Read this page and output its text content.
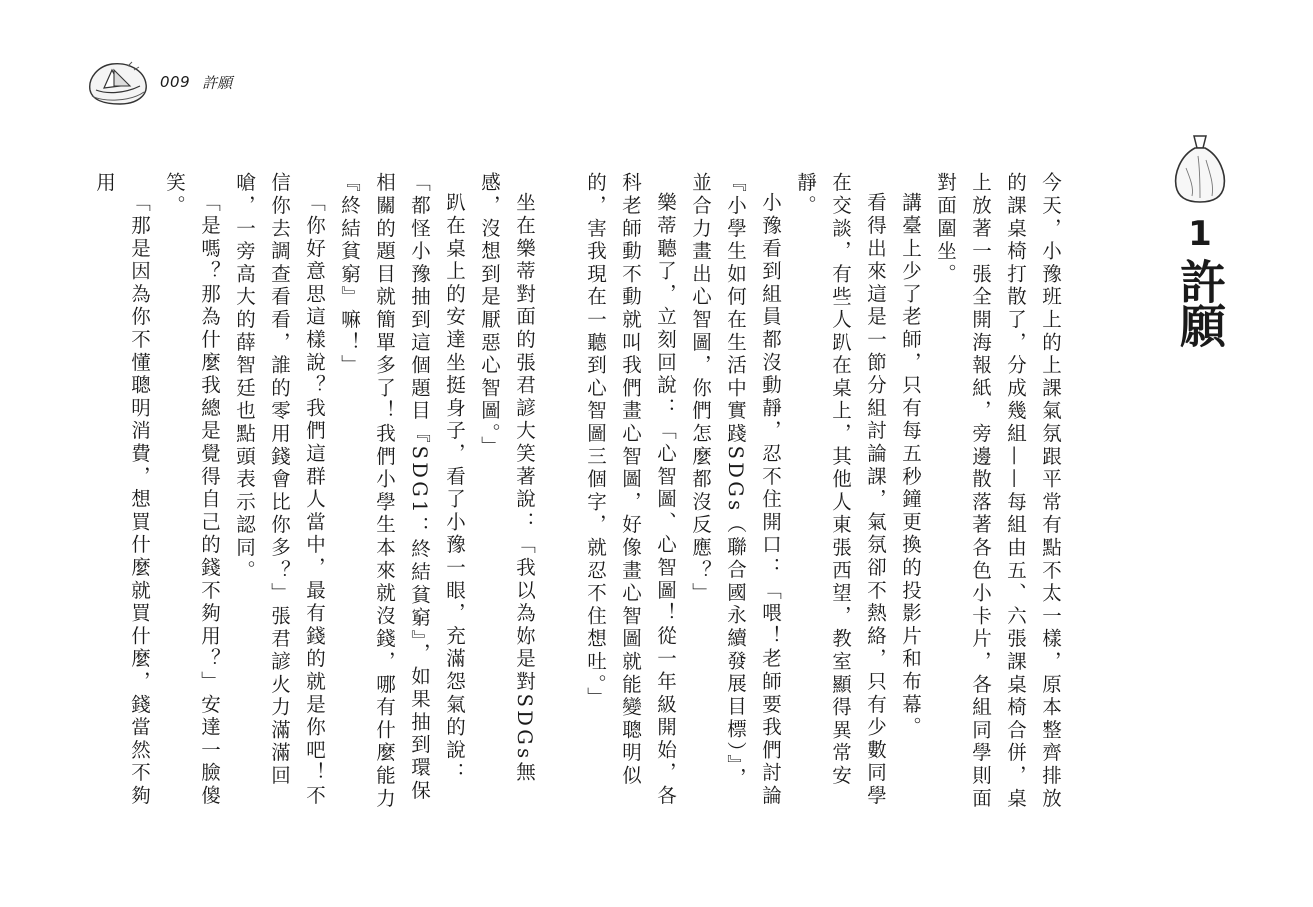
009 許願
1
許願

今天，小豫班上的上課氣氛跟平常有點不太一樣，原本整齊排放的課桌椅打散了，分成幾組——每組由五、六張課桌椅合併，桌上放著一張全開海報紙，旁邊散落著各色小卡片，各組同學則面對面圍坐。

講臺上少了老師，只有每五秒鐘更換的投影片和布幕。

看得出來這是一節分組討論課，氣氛卻不熱絡，只有少數同學在交談，有些人趴在桌上，其他人東張西望，教室顯得異常安靜。

小豫看到組員都沒動靜，忍不住開口：「喂！老師要我們討論『小學生如何在生活中實踐SDGs（聯合國永續發展目標）』，並合力畫出心智圖，你們怎麼都沒反應？」

樂蒂聽了，立刻回說：「心智圖、心智圖！從一年級開始，各科老師動不動就叫我們畫心智圖，好像畫心智圖就能變聰明似的，害我現在一聽到心智圖三個字，就忍不住想吐。」

坐在樂蒂對面的張君諺大笑著說：「我以為妳是對SDGs無感，沒想到是厭惡心智圖。」

趴在桌上的安達坐挺身子，看了小豫一眼，充滿怨氣的說：「都怪小豫抽到這個題目『SDG1：終結貧窮』，如果抽到環保相關的題目就簡單多了！我們小學生本來就沒錢，哪有什麼能力『終結貧窮』嘛！」

「你好意思這樣說？我們這群人當中，最有錢的就是你吧！不信你去調查看看，誰的零用錢會比你多？」張君諺火力滿滿回嗆，一旁高大的薛智廷也點頭表示認同。

「是嗎？那為什麼我總是覺得自己的錢不夠用？」安達一臉傻笑。

「那是因為你不懂聰明消費，想買什麼就買什麼，錢當然不夠用
